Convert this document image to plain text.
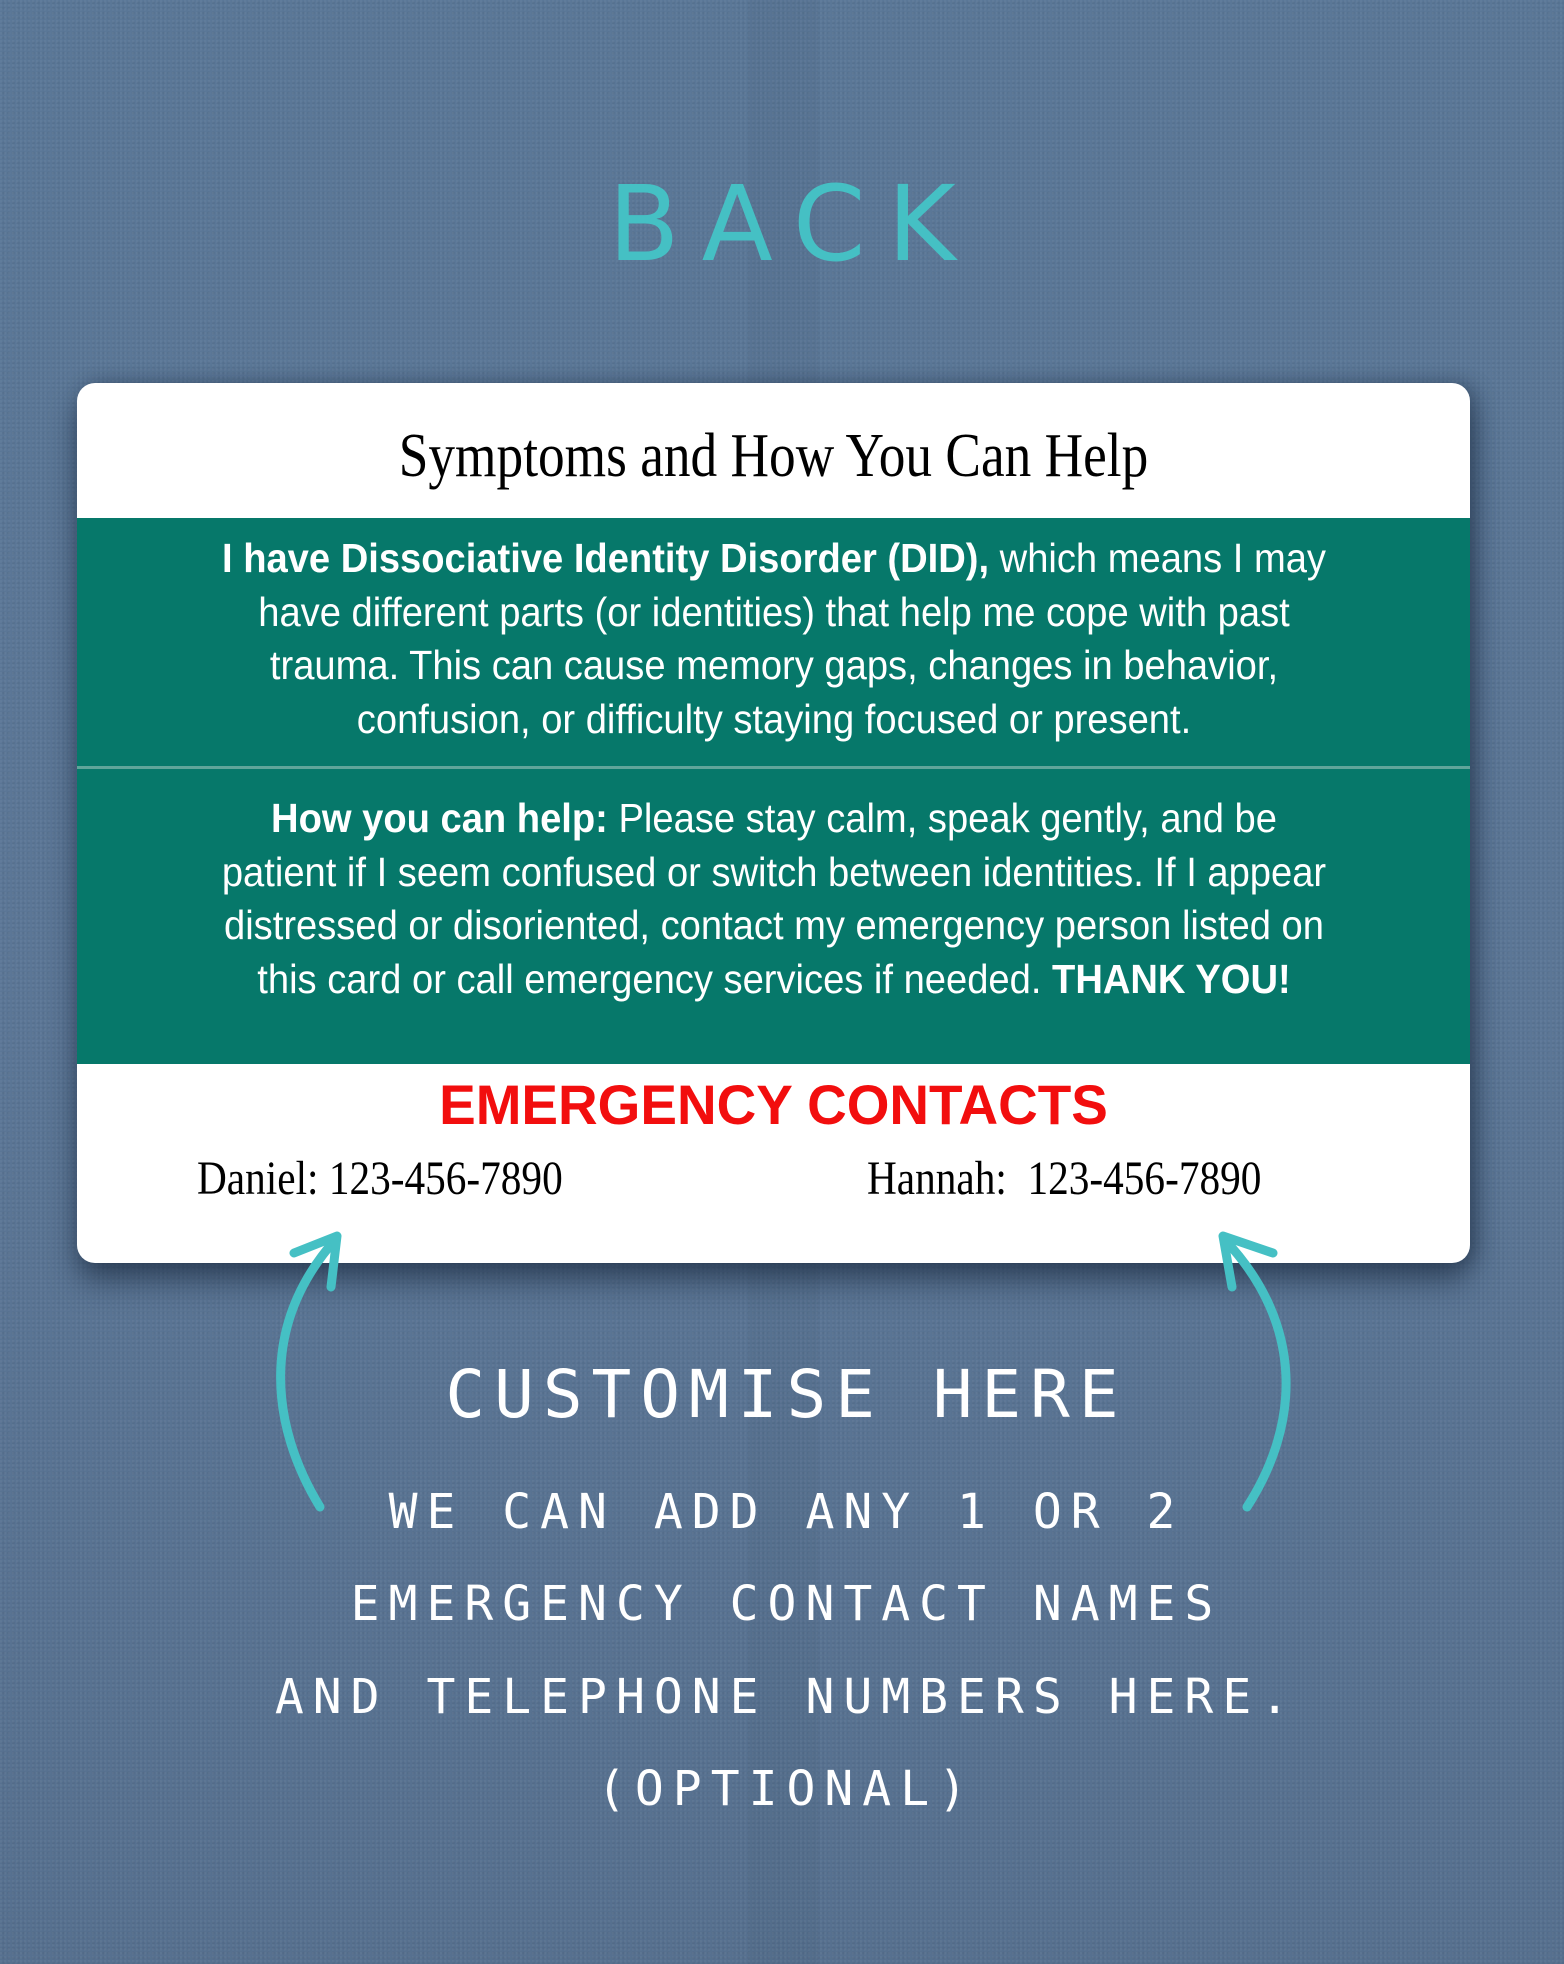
BACK
Symptoms and How You Can Help
I have Dissociative Identity Disorder (DID), which means I may have different parts (or identities) that help me cope with past trauma. This can cause memory gaps, changes in behavior, confusion, or difficulty staying focused or present.
How you can help: Please stay calm, speak gently, and be patient if I seem confused or switch between identities. If I appear distressed or disoriented, contact my emergency person listed on this card or call emergency services if needed. THANK YOU!
EMERGENCY CONTACTS
Daniel: 123-456-7890	Hannah: 123-456-7890
CUSTOMISE HERE
WE CAN ADD ANY 1 OR 2
EMERGENCY CONTACT NAMES
AND TELEPHONE NUMBERS HERE.
(OPTIONAL)
